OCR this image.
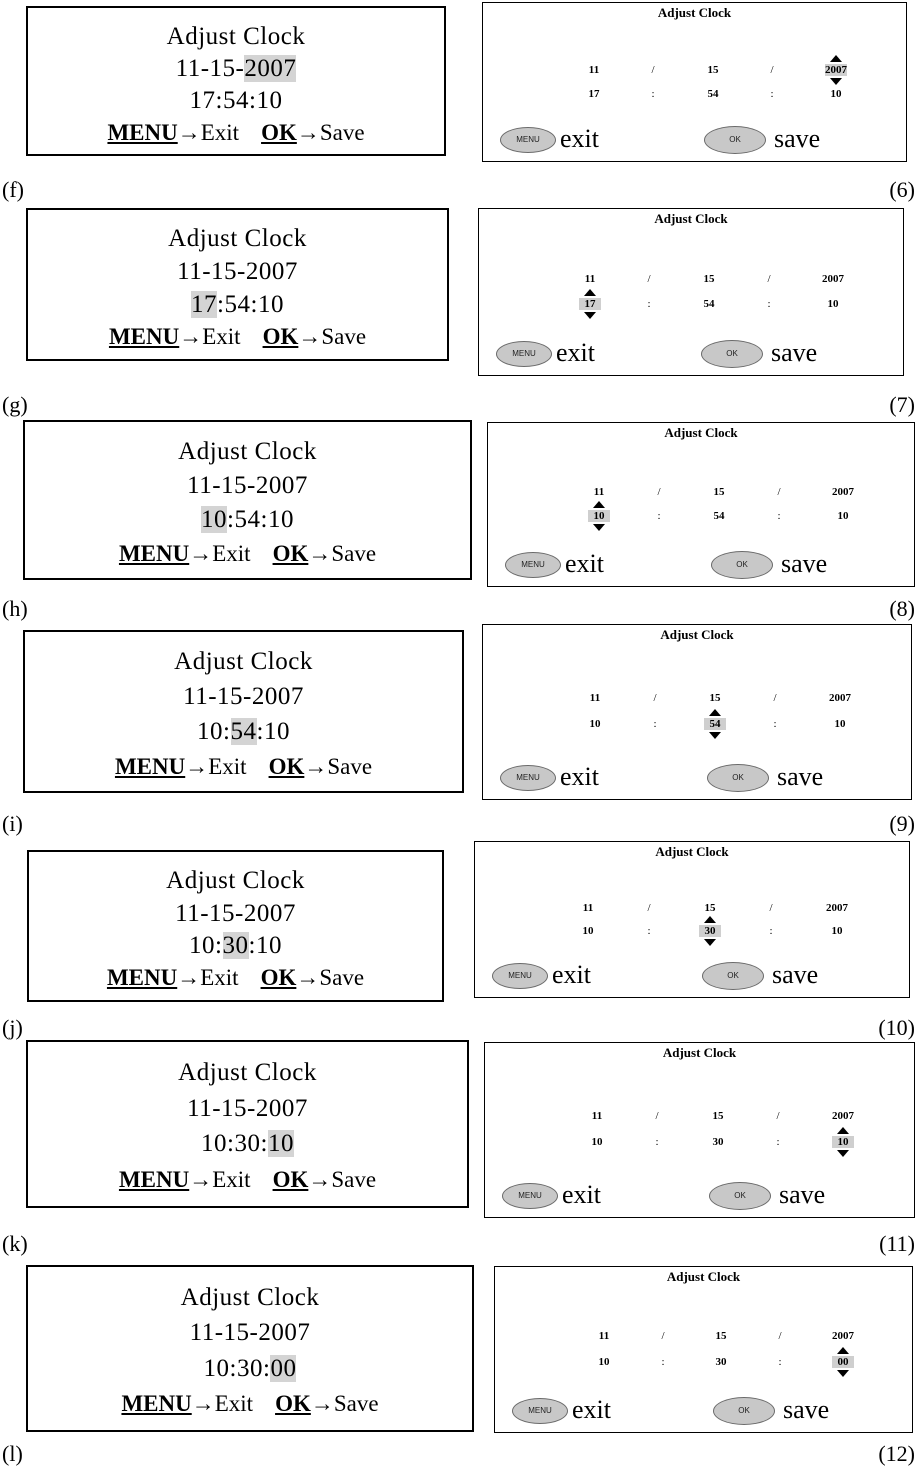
Adjust Clock
11-15-2007
17:54:10
MENU→Exit OK→Save
Adjust Clock
11	15	2007
17	54	10
/	/
:	:
MENU exit	OK	save
(f)	(6)
Adjust Clock
11-15-2007
17:54:10
MENU→Exit OK→Save
Adjust Clock
11	15	2007
17	54	10
/	/
:	:
MENU exit	OK	save
(g)	(7)
Adjust Clock
11-15-2007
10:54:10
MENU→Exit OK→Save
Adjust Clock
11	15	2007
10	54	10
/	/
:	:
MENU exit	OK	save
(h)	(8)
Adjust Clock
11-15-2007
10:54:10
MENU→Exit OK→Save
Adjust Clock
11	15	2007
10	54	10
/	/
:	:
MENU exit	OK	save
(i)	(9)
Adjust Clock
11-15-2007
10:30:10
MENU→Exit OK→Save
Adjust Clock
11	15	2007
10	30	10
/	/
:	:
MENU exit	OK	save
(j)	(10)
Adjust Clock
11-15-2007
10:30:10
MENU→Exit OK→Save
Adjust Clock
11	15	2007
10	30	10
/	/
:	:
MENU exit	OK	save
(k)	(11)
Adjust Clock
11-15-2007
10:30:00
MENU→Exit OK→Save
Adjust Clock
11	15	2007
10	30	00
/	/
:	:
MENU exit	OK	save
(l)	(12)
